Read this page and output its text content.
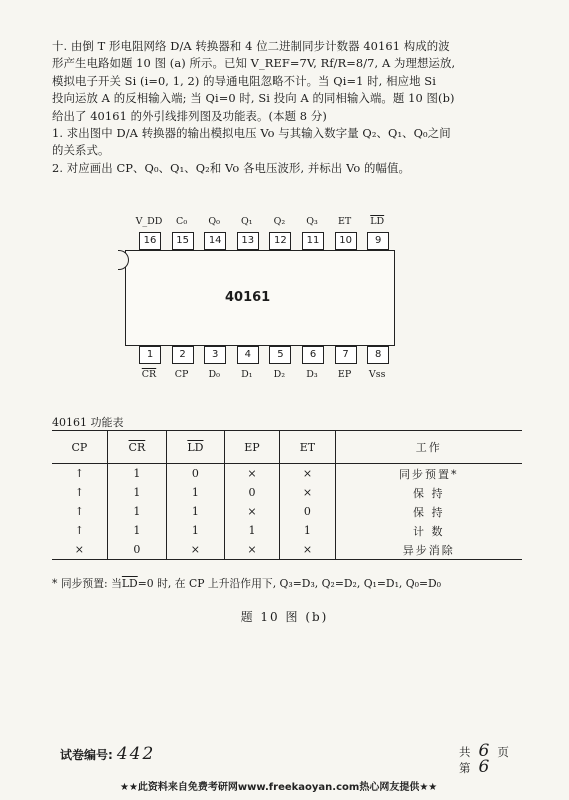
十. 由倒 T 形电阻网络 D/A 转换器和 4 位二进制同步计数器 40161 构成的波

形产生电路如题 10 图 (a) 所示。已知 V_REF=7V, Rf/R=8/7, A 为理想运放,

模拟电子开关 Si (i=0, 1, 2) 的导通电阻忽略不计。当 Qi=1 时, 相应地 Si

投向运放 A 的反相输入端; 当 Qi=0 时, Si 投向 A 的同相输入端。题 10 图(b)

给出了 40161 的外引线排列图及功能表。(本题 8 分)

1. 求出图中 D/A 转换器的输出模拟电压 Vo 与其输入数字量 Q₂、Q₁、Q₀之间

的关系式。

2. 对应画出 CP、Q₀、Q₁、Q₂和 Vo 各电压波形, 并标出 Vo 的幅值。

40161
16
V_DD
15
C₀
14
Q₀
13
Q₁
12
Q₂
11
Q₃
10
ET
9
$\overline{LD}$
1
$\overline{CR}$
2
CP
3
D₀
4
D₁
5
D₂
6
D₃
7
EP
8
Vss
40161 功能表
CP	$\overline{CR}$	$\overline{LD}$	EP	ET	工作
↑	1	0	×	×	同步预置*
↑	1	1	0	×	保 持
↑	1	1	×	0	保 持
↑	1	1	1	1	计 数
×	0	×	×	×	异步消除
* 同步预置: 当$\overline{LD}=0$ 时, 在 CP 上升沿作用下, Q₃=D₃, Q₂=D₂, Q₁=D₁, Q₀=D₀
题 10 图 (b)
试卷编号: 442	共 6 页
第 6
★★此资料来自免费考研网www.freekaoyan.com热心网友提供★★
